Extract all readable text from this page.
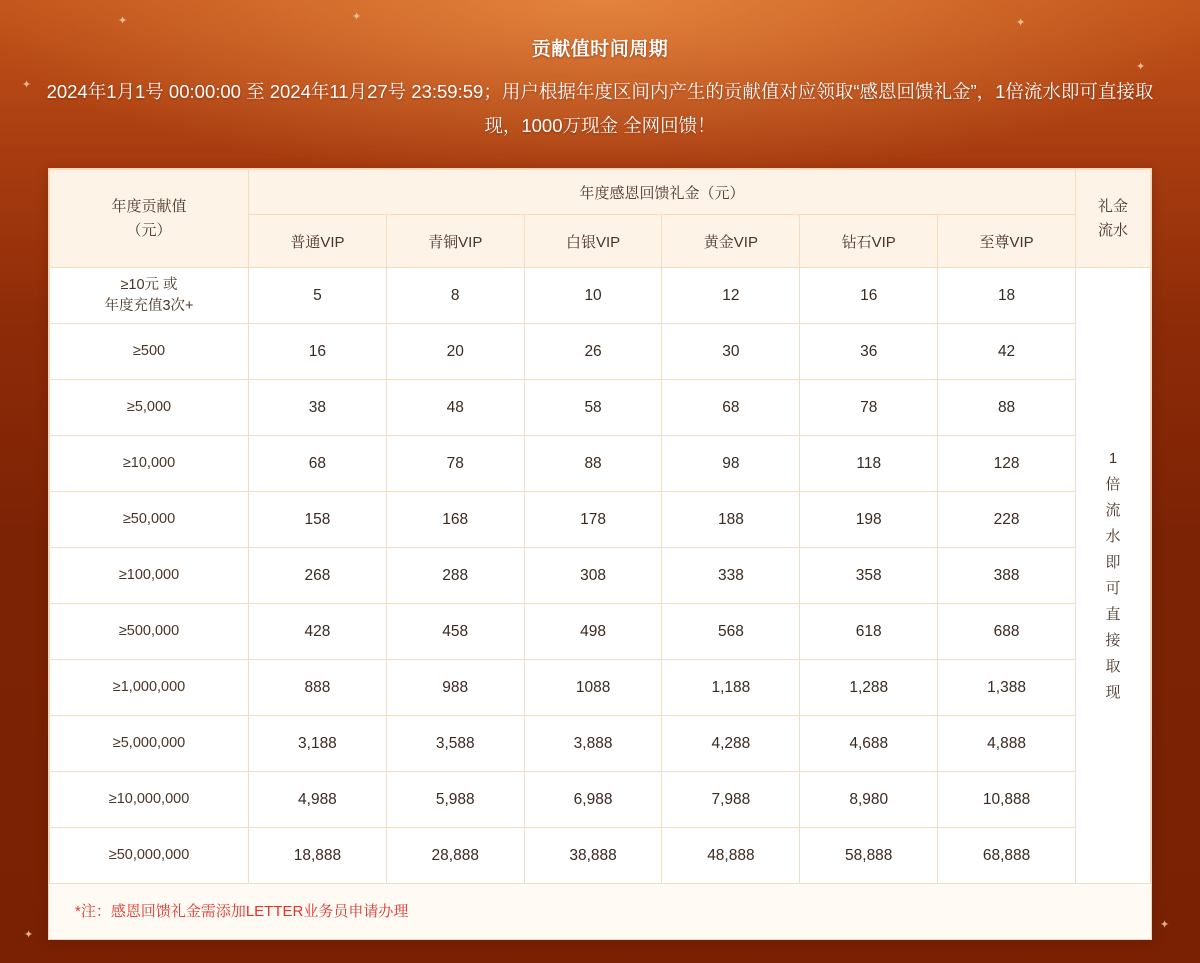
✦	✦	✦
✦
✦
✦
✦
贡献值时间周期
2024年1月1号 00:00:00 至 2024年11月27号 23:59:59；用户根据年度区间内产生的贡献值对应领取“感恩回馈礼金”，1倍流水即可直接取现，1000万现金 全网回馈！
年度贡献值
（元）
	年度感恩回馈礼金（元）	
礼金
流水

	普通VIP	青铜VIP	白银VIP	黄金VIP	钻石VIP	至尊VIP	

≥10元 或
年度充值3次+	5	8	10	12	16	18	1倍流水即可直接取现

≥500	16	20	26	30	36	42	
≥5,000	38	48	58	68	78	88	
≥10,000	68	78	88	98	118	128	
≥50,000	158	168	178	188	198	228	
≥100,000	268	288	308	338	358	388	
≥500,000	428	458	498	568	618	688	
≥1,000,000	888	988	1088	1,188	1,288	1,388	
≥5,000,000	3,188	3,588	3,888	4,288	4,688	4,888	
≥10,000,000	4,988	5,988	6,988	7,988	8,980	10,888	
≥50,000,000	18,888	28,888	38,888	48,888	58,888	68,888	
*注：感恩回馈礼金需添加LETTER业务员申请办理
